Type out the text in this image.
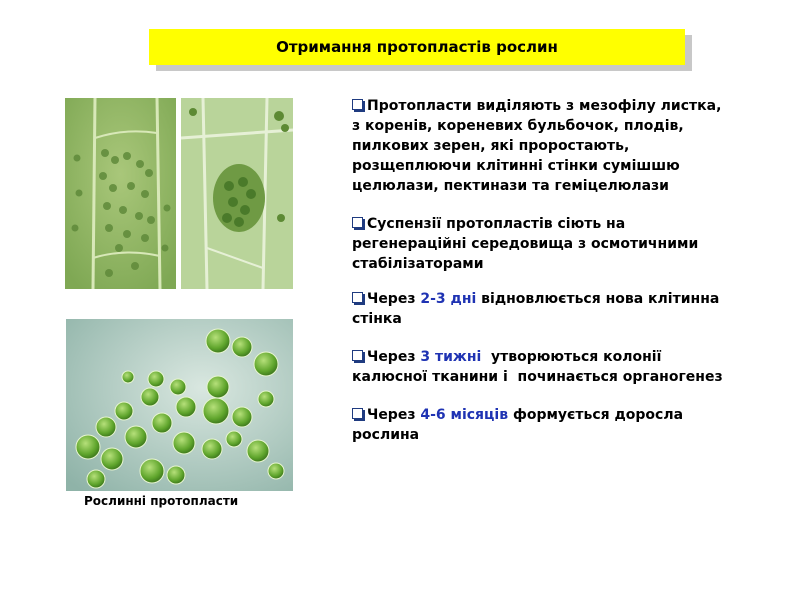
Отримання протопластів рослин
Рослинні протопласти
Протопласти виділяють з мезофілу листка, з коренів, кореневих бульбочок, плодів, пилкових зерен, які проростають, розщеплюючи клітинні стінки сумішшю целюлази, пектинази та геміцелюлази
Суспензії протопластів сіють на регенераційні середовища з осмотичними стабілізаторами
Через 2-3 дні відновлюється нова клітинна стінка
Через 3 тижні  утворюються колонії калюсної тканини і  починається органогенез
Через 4-6 місяців формується доросла рослина
